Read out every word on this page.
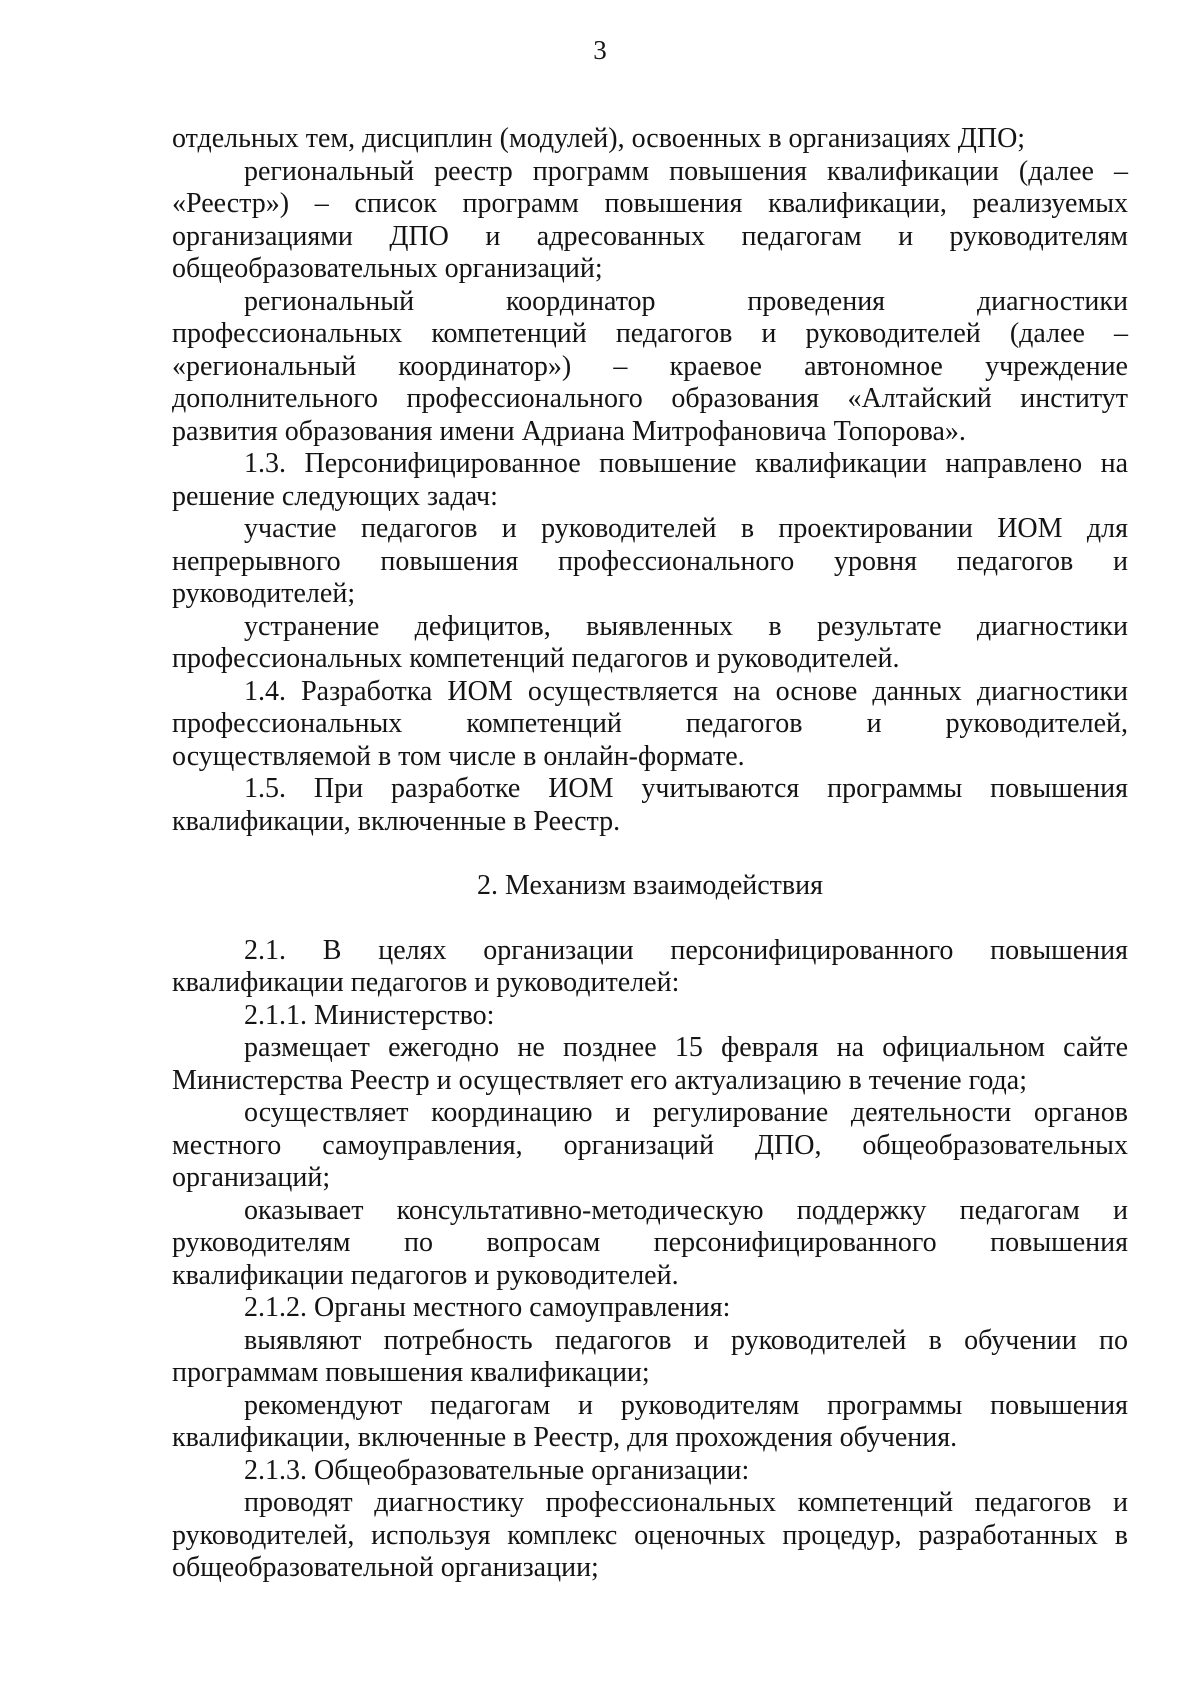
3
отдельных тем, дисциплин (модулей), освоенных в организациях ДПО;
региональный реестр программ повышения квалификации (далее –
«Реестр») – список программ повышения квалификации, реализуемых
организациями ДПО и адресованных педагогам и руководителям
общеобразовательных организаций;
региональный координатор проведения диагностики
профессиональных компетенций педагогов и руководителей (далее –
«региональный координатор») – краевое автономное учреждение
дополнительного профессионального образования «Алтайский институт
развития образования имени Адриана Митрофановича Топорова».
1.3. Персонифицированное повышение квалификации направлено на
решение следующих задач:
участие педагогов и руководителей в проектировании ИОМ для
непрерывного повышения профессионального уровня педагогов и
руководителей;
устранение дефицитов, выявленных в результате диагностики
профессиональных компетенций педагогов и руководителей.
1.4. Разработка ИОМ осуществляется на основе данных диагностики
профессиональных компетенций педагогов и руководителей,
осуществляемой в том числе в онлайн-формате.
1.5. При разработке ИОМ учитываются программы повышения
квалификации, включенные в Реестр.
2. Механизм взаимодействия
2.1. В целях организации персонифицированного повышения
квалификации педагогов и руководителей:
2.1.1. Министерство:
размещает ежегодно не позднее 15 февраля на официальном сайте
Министерства Реестр и осуществляет его актуализацию в течение года;
осуществляет координацию и регулирование деятельности органов
местного самоуправления, организаций ДПО, общеобразовательных
организаций;
оказывает консультативно-методическую поддержку педагогам и
руководителям по вопросам персонифицированного повышения
квалификации педагогов и руководителей.
2.1.2. Органы местного самоуправления:
выявляют потребность педагогов и руководителей в обучении по
программам повышения квалификации;
рекомендуют педагогам и руководителям программы повышения
квалификации, включенные в Реестр, для прохождения обучения.
2.1.3. Общеобразовательные организации:
проводят диагностику профессиональных компетенций педагогов и
руководителей, используя комплекс оценочных процедур, разработанных в
общеобразовательной организации;
